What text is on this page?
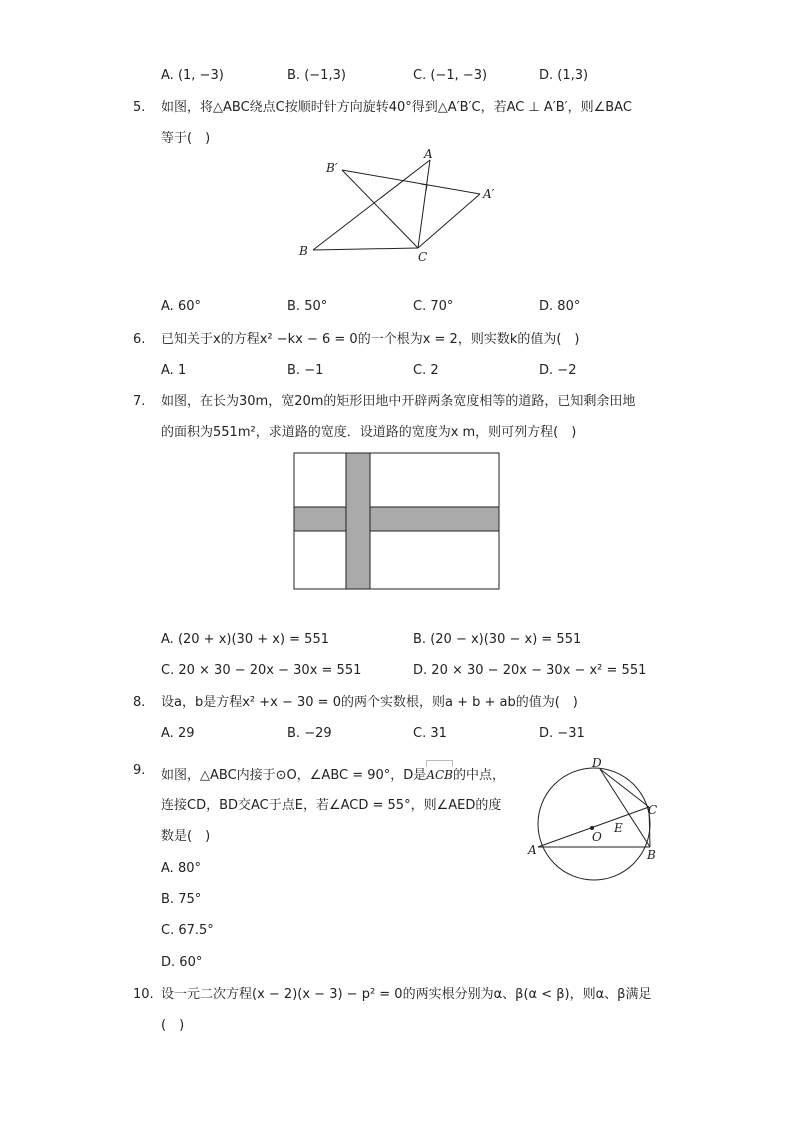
A. (1, −3)	B. (−1,3)	C. (−1, −3)	D. (1,3)
5. 如图，将△ABC绕点C按顺时针方向旋转40°得到△A′B′C，若AC ⊥ A′B′，则∠BAC
等于(　)
A
B	C
A′
B′
A. 60°	B. 50°	C. 70°	D. 80°
6. 已知关于x的方程x² −kx − 6 = 0的一个根为x = 2，则实数k的值为(　)
A. 1	B. −1	C. 2	D. −2
7. 如图，在长为30m，宽20m的矩形田地中开辟两条宽度相等的道路，已知剩余田地
的面积为551m²，求道路的宽度．设道路的宽度为x m，则可列方程(　)
A. (20 + x)(30 + x) = 551	B. (20 − x)(30 − x) = 551
C. 20 × 30 − 20x − 30x = 551	D. 20 × 30 − 20x − 30x − x² = 551
8. 设a，b是方程x² +x − 30 = 0的两个实数根，则a + b + ab的值为(　)
A. 29	B. −29	C. 31	D. −31
9. 如图，△ABC内接于⊙O，∠ABC = 90°，D是
ACB的中点，
连接CD，BD交AC于点E，若∠ACD = 55°，则∠AED的度
数是(　)
A	B
C
D
E
O
A. 80°
B. 75°
C. 67.5°
D. 60°
10. 设一元二次方程(x − 2)(x − 3) − p² = 0的两实根分别为α、β(α < β)，则α、β满足
(　)
